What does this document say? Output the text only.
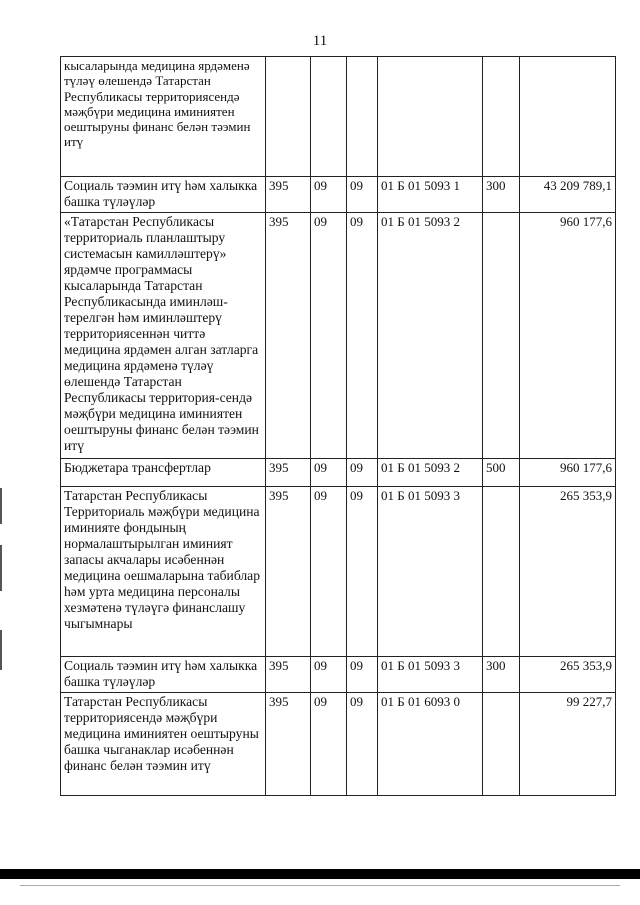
11
кысаларында медицина ярдәменә түләү өлешендә Татарстан Республикасы территориясендә мәҗбүри медицина иминиятен оештыруны финанс белән тәэмин итү						
Социаль тәэмин итү һәм халыкка башка түләүләр	395	09	09	01 Б 01 5093 1	300	43 209 789,1
«Татарстан Республикасы территориаль планлаштыру системасын камилләштерү» ярдәмче программасы кысаларында Татарстан Республикасында иминләш-терелгән һәм иминләштерү территориясеннән читтә медицина ярдәмен алган затларга медицина ярдәменә түләү өлешендә Татарстан Республикасы территория-сендә мәҗбүри медицина иминиятен оештыруны финанс белән тәэмин итү	395	09	09	01 Б 01 5093 2		960 177,6
Бюджетара трансфертлар	395	09	09	01 Б 01 5093 2	500	960 177,6
Татарстан Республикасы Территориаль мәҗбүри медицина иминияте фондының нормалаштырылган иминият запасы акчалары исәбеннән медицина оешмаларына табиблар һәм урта медицина персоналы хезмәтенә түләүгә финанслашу чыгымнары	395	09	09	01 Б 01 5093 3		265 353,9
Социаль тәэмин итү һәм халыкка башка түләүләр	395	09	09	01 Б 01 5093 3	300	265 353,9
Татарстан Республикасы территориясендә мәҗбүри медицина иминиятен оештыруны башка чыганаклар исәбеннән финанс белән тәэмин итү	395	09	09	01 Б 01 6093 0		99 227,7
